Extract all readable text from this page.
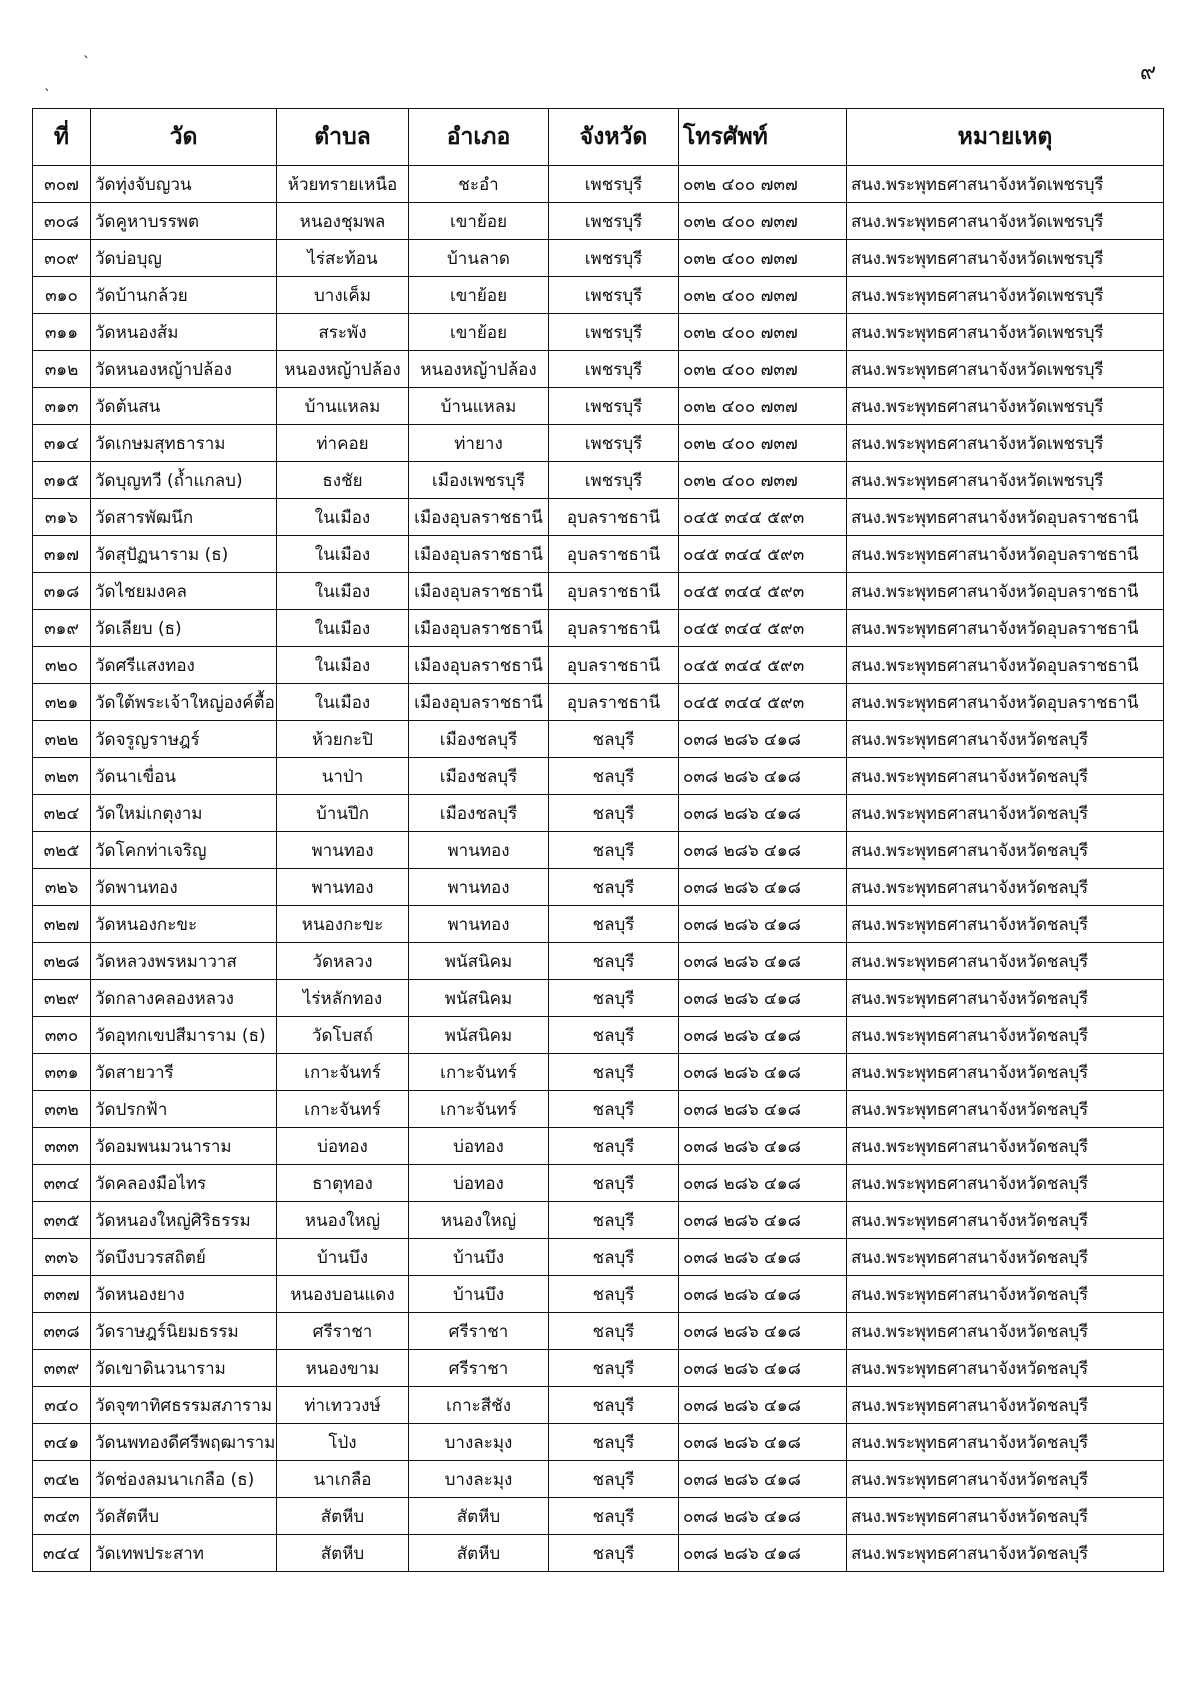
๙
`
`
ที่	วัด	ตำบล	อำเภอ	จังหวัด	โทรศัพท์	หมายเหตุ
๓๐๗	วัดทุ่งจับญวน	ห้วยทรายเหนือ	ชะอำ	เพชรบุรี	๐๓๒ ๔๐๐ ๗๓๗	สนง.พระพุทธศาสนาจังหวัดเพชรบุรี
๓๐๘	วัดคูหาบรรพต	หนองชุมพล	เขาย้อย	เพชรบุรี	๐๓๒ ๔๐๐ ๗๓๗	สนง.พระพุทธศาสนาจังหวัดเพชรบุรี
๓๐๙	วัดบ่อบุญ	ไร่สะท้อน	บ้านลาด	เพชรบุรี	๐๓๒ ๔๐๐ ๗๓๗	สนง.พระพุทธศาสนาจังหวัดเพชรบุรี
๓๑๐	วัดบ้านกล้วย	บางเค็ม	เขาย้อย	เพชรบุรี	๐๓๒ ๔๐๐ ๗๓๗	สนง.พระพุทธศาสนาจังหวัดเพชรบุรี
๓๑๑	วัดหนองส้ม	สระพัง	เขาย้อย	เพชรบุรี	๐๓๒ ๔๐๐ ๗๓๗	สนง.พระพุทธศาสนาจังหวัดเพชรบุรี
๓๑๒	วัดหนองหญ้าปล้อง	หนองหญ้าปล้อง	หนองหญ้าปล้อง	เพชรบุรี	๐๓๒ ๔๐๐ ๗๓๗	สนง.พระพุทธศาสนาจังหวัดเพชรบุรี
๓๑๓	วัดต้นสน	บ้านแหลม	บ้านแหลม	เพชรบุรี	๐๓๒ ๔๐๐ ๗๓๗	สนง.พระพุทธศาสนาจังหวัดเพชรบุรี
๓๑๔	วัดเกษมสุทธาราม	ท่าคอย	ท่ายาง	เพชรบุรี	๐๓๒ ๔๐๐ ๗๓๗	สนง.พระพุทธศาสนาจังหวัดเพชรบุรี
๓๑๕	วัดบุญทวี (ถ้ำแกลบ)	ธงชัย	เมืองเพชรบุรี	เพชรบุรี	๐๓๒ ๔๐๐ ๗๓๗	สนง.พระพุทธศาสนาจังหวัดเพชรบุรี
๓๑๖	วัดสารพัฒนึก	ในเมือง	เมืองอุบลราชธานี	อุบลราชธานี	๐๔๕ ๓๔๔ ๕๙๓	สนง.พระพุทธศาสนาจังหวัดอุบลราชธานี
๓๑๗	วัดสุปัฏนาราม (ธ)	ในเมือง	เมืองอุบลราชธานี	อุบลราชธานี	๐๔๕ ๓๔๔ ๕๙๓	สนง.พระพุทธศาสนาจังหวัดอุบลราชธานี
๓๑๘	วัดไชยมงคล	ในเมือง	เมืองอุบลราชธานี	อุบลราชธานี	๐๔๕ ๓๔๔ ๕๙๓	สนง.พระพุทธศาสนาจังหวัดอุบลราชธานี
๓๑๙	วัดเลียบ (ธ)	ในเมือง	เมืองอุบลราชธานี	อุบลราชธานี	๐๔๕ ๓๔๔ ๕๙๓	สนง.พระพุทธศาสนาจังหวัดอุบลราชธานี
๓๒๐	วัดศรีแสงทอง	ในเมือง	เมืองอุบลราชธานี	อุบลราชธานี	๐๔๕ ๓๔๔ ๕๙๓	สนง.พระพุทธศาสนาจังหวัดอุบลราชธานี
๓๒๑	วัดใต้พระเจ้าใหญ่องค์ตื้อ	ในเมือง	เมืองอุบลราชธานี	อุบลราชธานี	๐๔๕ ๓๔๔ ๕๙๓	สนง.พระพุทธศาสนาจังหวัดอุบลราชธานี
๓๒๒	วัดจรูญราษฎร์	ห้วยกะปิ	เมืองชลบุรี	ชลบุรี	๐๓๘ ๒๘๖ ๔๑๘	สนง.พระพุทธศาสนาจังหวัดชลบุรี
๓๒๓	วัดนาเขื่อน	นาป่า	เมืองชลบุรี	ชลบุรี	๐๓๘ ๒๘๖ ๔๑๘	สนง.พระพุทธศาสนาจังหวัดชลบุรี
๓๒๔	วัดใหม่เกตุงาม	บ้านปึก	เมืองชลบุรี	ชลบุรี	๐๓๘ ๒๘๖ ๔๑๘	สนง.พระพุทธศาสนาจังหวัดชลบุรี
๓๒๕	วัดโคกท่าเจริญ	พานทอง	พานทอง	ชลบุรี	๐๓๘ ๒๘๖ ๔๑๘	สนง.พระพุทธศาสนาจังหวัดชลบุรี
๓๒๖	วัดพานทอง	พานทอง	พานทอง	ชลบุรี	๐๓๘ ๒๘๖ ๔๑๘	สนง.พระพุทธศาสนาจังหวัดชลบุรี
๓๒๗	วัดหนองกะขะ	หนองกะขะ	พานทอง	ชลบุรี	๐๓๘ ๒๘๖ ๔๑๘	สนง.พระพุทธศาสนาจังหวัดชลบุรี
๓๒๘	วัดหลวงพรหมาวาส	วัดหลวง	พนัสนิคม	ชลบุรี	๐๓๘ ๒๘๖ ๔๑๘	สนง.พระพุทธศาสนาจังหวัดชลบุรี
๓๒๙	วัดกลางคลองหลวง	ไร่หลักทอง	พนัสนิคม	ชลบุรี	๐๓๘ ๒๘๖ ๔๑๘	สนง.พระพุทธศาสนาจังหวัดชลบุรี
๓๓๐	วัดอุทกเขปสีมาราม (ธ)	วัดโบสถ์	พนัสนิคม	ชลบุรี	๐๓๘ ๒๘๖ ๔๑๘	สนง.พระพุทธศาสนาจังหวัดชลบุรี
๓๓๑	วัดสายวารี	เกาะจันทร์	เกาะจันทร์	ชลบุรี	๐๓๘ ๒๘๖ ๔๑๘	สนง.พระพุทธศาสนาจังหวัดชลบุรี
๓๓๒	วัดปรกฟ้า	เกาะจันทร์	เกาะจันทร์	ชลบุรี	๐๓๘ ๒๘๖ ๔๑๘	สนง.พระพุทธศาสนาจังหวัดชลบุรี
๓๓๓	วัดอมพนมวนาราม	บ่อทอง	บ่อทอง	ชลบุรี	๐๓๘ ๒๘๖ ๔๑๘	สนง.พระพุทธศาสนาจังหวัดชลบุรี
๓๓๔	วัดคลองมือไทร	ธาตุทอง	บ่อทอง	ชลบุรี	๐๓๘ ๒๘๖ ๔๑๘	สนง.พระพุทธศาสนาจังหวัดชลบุรี
๓๓๕	วัดหนองใหญ่ศิริธรรม	หนองใหญ่	หนองใหญ่	ชลบุรี	๐๓๘ ๒๘๖ ๔๑๘	สนง.พระพุทธศาสนาจังหวัดชลบุรี
๓๓๖	วัดบึงบวรสถิตย์	บ้านบึง	บ้านบึง	ชลบุรี	๐๓๘ ๒๘๖ ๔๑๘	สนง.พระพุทธศาสนาจังหวัดชลบุรี
๓๓๗	วัดหนองยาง	หนองบอนแดง	บ้านบึง	ชลบุรี	๐๓๘ ๒๘๖ ๔๑๘	สนง.พระพุทธศาสนาจังหวัดชลบุรี
๓๓๘	วัดราษฎร์นิยมธรรม	ศรีราชา	ศรีราชา	ชลบุรี	๐๓๘ ๒๘๖ ๔๑๘	สนง.พระพุทธศาสนาจังหวัดชลบุรี
๓๓๙	วัดเขาดินวนาราม	หนองขาม	ศรีราชา	ชลบุรี	๐๓๘ ๒๘๖ ๔๑๘	สนง.พระพุทธศาสนาจังหวัดชลบุรี
๓๔๐	วัดจุฑาทิศธรรมสภาราม	ท่าเทววงษ์	เกาะสีชัง	ชลบุรี	๐๓๘ ๒๘๖ ๔๑๘	สนง.พระพุทธศาสนาจังหวัดชลบุรี
๓๔๑	วัดนพทองดีศรีพฤฒาราม	โป่ง	บางละมุง	ชลบุรี	๐๓๘ ๒๘๖ ๔๑๘	สนง.พระพุทธศาสนาจังหวัดชลบุรี
๓๔๒	วัดช่องลมนาเกลือ (ธ)	นาเกลือ	บางละมุง	ชลบุรี	๐๓๘ ๒๘๖ ๔๑๘	สนง.พระพุทธศาสนาจังหวัดชลบุรี
๓๔๓	วัดสัตหีบ	สัตหีบ	สัตหีบ	ชลบุรี	๐๓๘ ๒๘๖ ๔๑๘	สนง.พระพุทธศาสนาจังหวัดชลบุรี
๓๔๔	วัดเทพประสาท	สัตหีบ	สัตหีบ	ชลบุรี	๐๓๘ ๒๘๖ ๔๑๘	สนง.พระพุทธศาสนาจังหวัดชลบุรี
